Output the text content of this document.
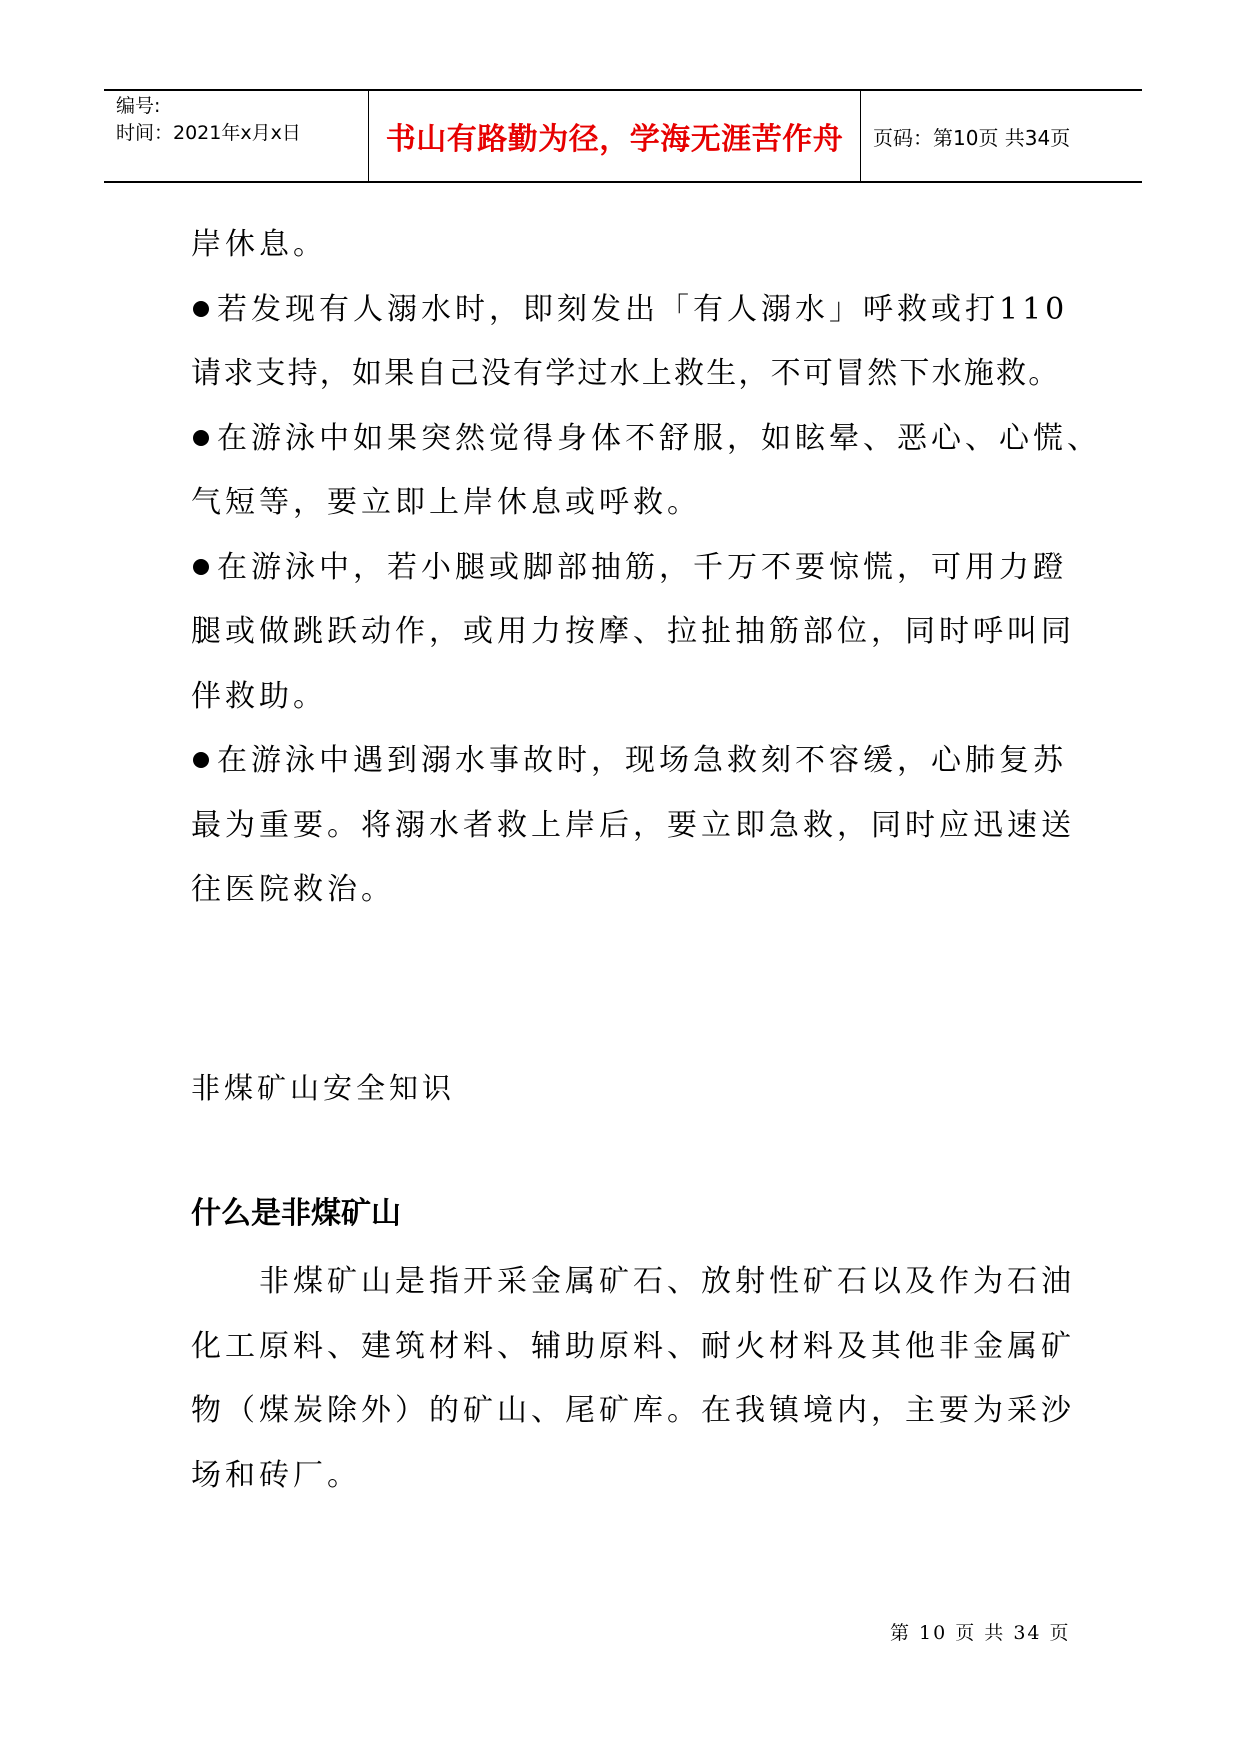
编号:
时间：2021年x月x日	书山有路勤为径，学海无涯苦作舟	页码：第10页 共34页
岸休息。
若发现有人溺水时，即刻发出「有人溺水」呼救或打110
请求支持，如果自己没有学过水上救生，不可冒然下水施救。
在游泳中如果突然觉得身体不舒服，如眩晕、恶心、心慌、
气短等，要立即上岸休息或呼救。
在游泳中，若小腿或脚部抽筋，千万不要惊慌，可用力蹬
腿或做跳跃动作，或用力按摩、拉扯抽筋部位，同时呼叫同
伴救助。
在游泳中遇到溺水事故时，现场急救刻不容缓，心肺复苏
最为重要。将溺水者救上岸后，要立即急救，同时应迅速送
往医院救治。
非煤矿山安全知识
什么是非煤矿山
非煤矿山是指开采金属矿石、放射性矿石以及作为石油
化工原料、建筑材料、辅助原料、耐火材料及其他非金属矿
物（煤炭除外）的矿山、尾矿库。在我镇境内，主要为采沙
场和砖厂。
第 10 页 共 34 页
